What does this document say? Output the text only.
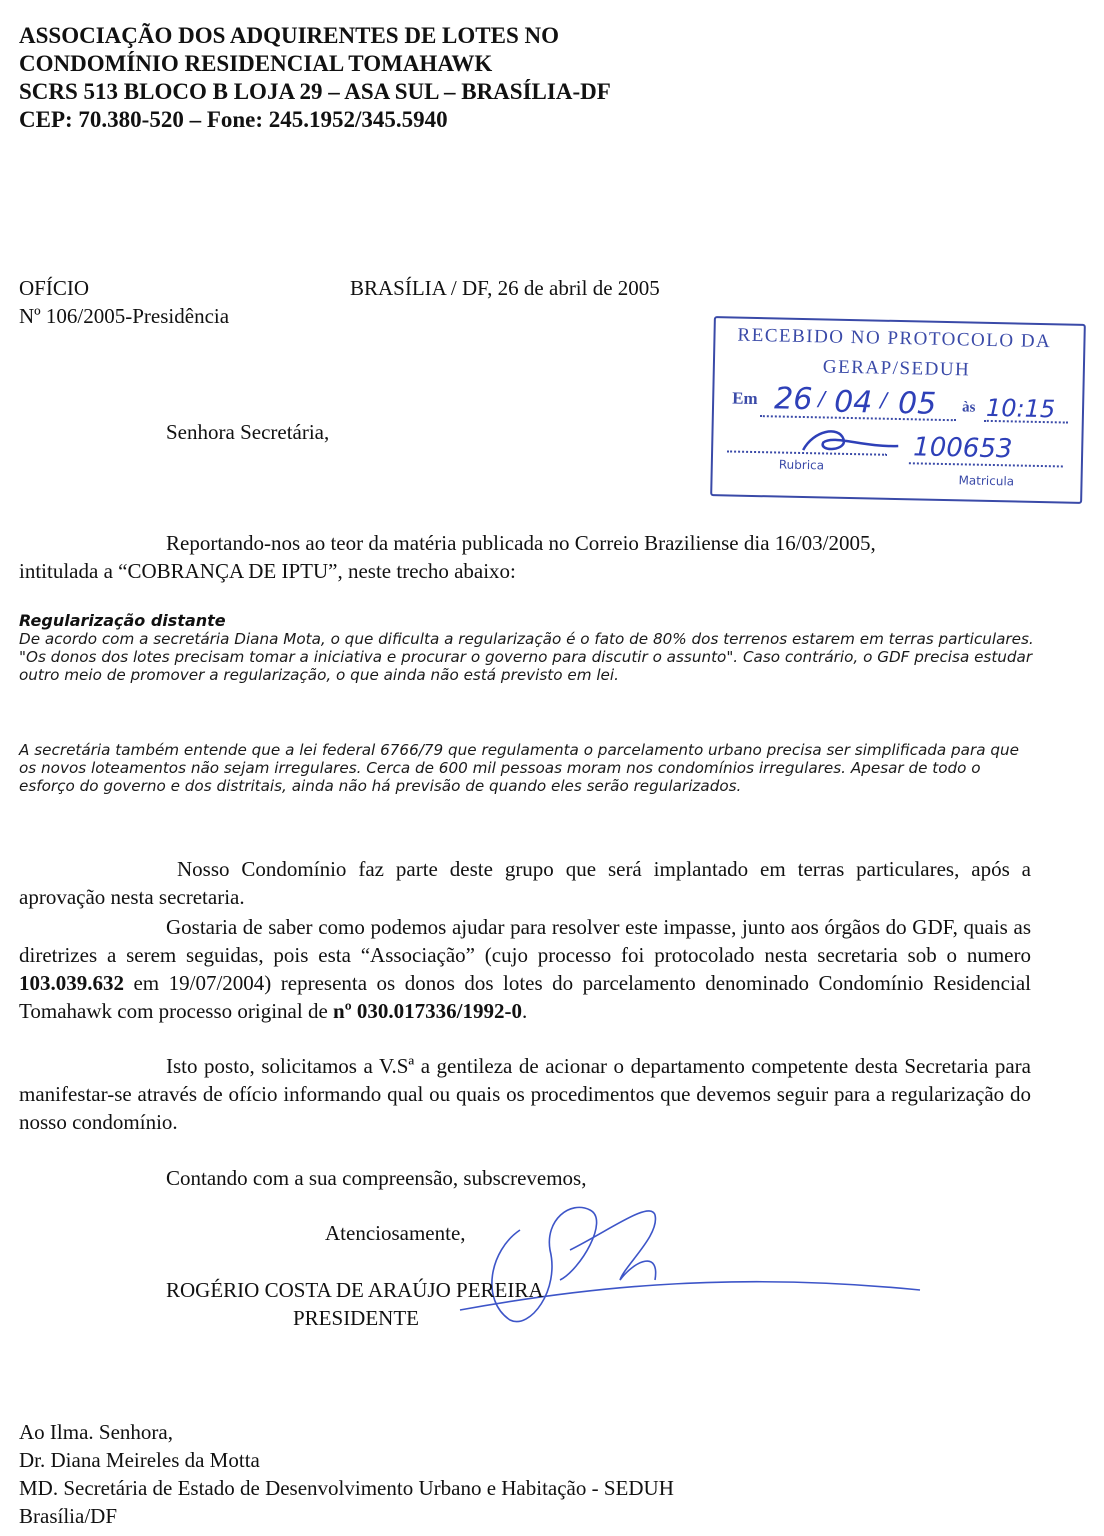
ASSOCIAÇÃO DOS ADQUIRENTES DE LOTES NO
CONDOMÍNIO RESIDENCIAL TOMAHAWK
SCRS 513 BLOCO B LOJA 29 – ASA SUL – BRASÍLIA-DF
CEP: 70.380-520 – Fone: 245.1952/345.5940
OFÍCIO
Nº 106/2005-Presidência
BRASÍLIA / DF, 26 de abril de 2005
RECEBIDO NO PROTOCOLO DA
GERAP/SEDUH
Em 26 / 04 / 05 às 10:15
Rubrica
100653
Matricula
Senhora Secretária,
Reportando-nos ao teor da matéria publicada no Correio Braziliense dia 16/03/2005,
intitulada a “COBRANÇA DE IPTU”, neste trecho abaixo:
Regularização distante
De acordo com a secretária Diana Mota, o que dificulta a regularização é o fato de 80% dos terrenos estarem em terras particulares. "Os donos dos lotes precisam tomar a iniciativa e procurar o governo para discutir o assunto". Caso contrário, o GDF precisa estudar outro meio de promover a regularização, o que ainda não está previsto em lei.
A secretária também entende que a lei federal 6766/79 que regulamenta o parcelamento urbano precisa ser simplificada para que os novos loteamentos não sejam irregulares. Cerca de 600 mil pessoas moram nos condomínios irregulares. Apesar de todo o esforço do governo e dos distritais, ainda não há previsão de quando eles serão regularizados.
Nosso Condomínio faz parte deste grupo que será implantado em terras particulares, após a aprovação nesta secretaria.
Gostaria de saber como podemos ajudar para resolver este impasse, junto aos órgãos do GDF, quais as diretrizes a serem seguidas, pois esta “Associação” (cujo processo foi protocolado nesta secretaria sob o numero 103.039.632 em 19/07/2004) representa os donos dos lotes do parcelamento denominado Condomínio Residencial Tomahawk com processo original de nº 030.017336/1992-0.
Isto posto, solicitamos a V.Sª a gentileza de acionar o departamento competente desta Secretaria para manifestar-se através de ofício informando qual ou quais os procedimentos que devemos seguir para a regularização do nosso condomínio.
Contando com a sua compreensão, subscrevemos,
Atenciosamente,
ROGÉRIO COSTA DE ARAÚJO PEREIRA
PRESIDENTE
Ao Ilma. Senhora,
Dr. Diana Meireles da Motta
MD. Secretária de Estado de Desenvolvimento Urbano e Habitação - SEDUH
Brasília/DF
